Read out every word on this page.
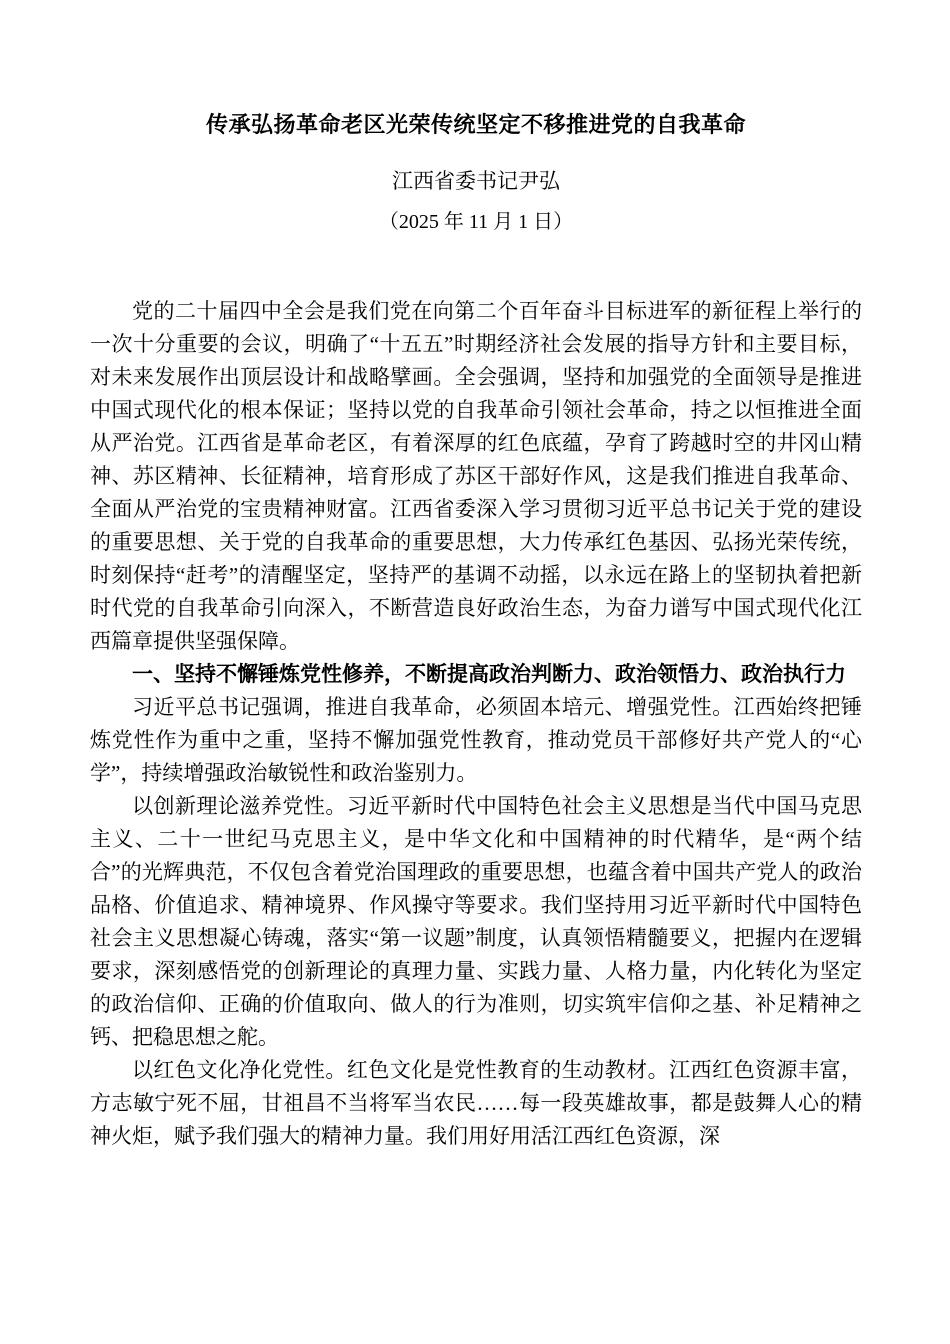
传承弘扬革命老区光荣传统坚定不移推进党的自我革命
江西省委书记尹弘
（2025 年 11 月 1 日）

党的二十届四中全会是我们党在向第二个百年奋斗目标进军的新征程上举行的一次十分重要的会议，明确了“十五五”时期经济社会发展的指导方针和主要目标，对未来发展作出顶层设计和战略擘画。全会强调，坚持和加强党的全面领导是推进中国式现代化的根本保证；坚持以党的自我革命引领社会革命，持之以恒推进全面从严治党。江西省是革命老区，有着深厚的红色底蕴，孕育了跨越时空的井冈山精神、苏区精神、长征精神，培育形成了苏区干部好作风，这是我们推进自我革命、全面从严治党的宝贵精神财富。江西省委深入学习贯彻习近平总书记关于党的建设的重要思想、关于党的自我革命的重要思想，大力传承红色基因、弘扬光荣传统，时刻保持“赶考”的清醒坚定，坚持严的基调不动摇，以永远在路上的坚韧执着把新时代党的自我革命引向深入，不断营造良好政治生态，为奋力谱写中国式现代化江西篇章提供坚强保障。

一、坚持不懈锤炼党性修养，不断提高政治判断力、政治领悟力、政治执行力

习近平总书记强调，推进自我革命，必须固本培元、增强党性。江西始终把锤炼党性作为重中之重，坚持不懈加强党性教育，推动党员干部修好共产党人的“心学”，持续增强政治敏锐性和政治鉴别力。

以创新理论滋养党性。习近平新时代中国特色社会主义思想是当代中国马克思主义、二十一世纪马克思主义，是中华文化和中国精神的时代精华，是“两个结合”的光辉典范，不仅包含着党治国理政的重要思想，也蕴含着中国共产党人的政治品格、价值追求、精神境界、作风操守等要求。我们坚持用习近平新时代中国特色社会主义思想凝心铸魂，落实“第一议题”制度，认真领悟精髓要义，把握内在逻辑要求，深刻感悟党的创新理论的真理力量、实践力量、人格力量，内化转化为坚定的政治信仰、正确的价值取向、做人的行为准则，切实筑牢信仰之基、补足精神之钙、把稳思想之舵。

以红色文化净化党性。红色文化是党性教育的生动教材。江西红色资源丰富，方志敏宁死不屈，甘祖昌不当将军当农民……每一段英雄故事，都是鼓舞人心的精神火炬，赋予我们强大的精神力量。我们用好用活江西红色资源，深
